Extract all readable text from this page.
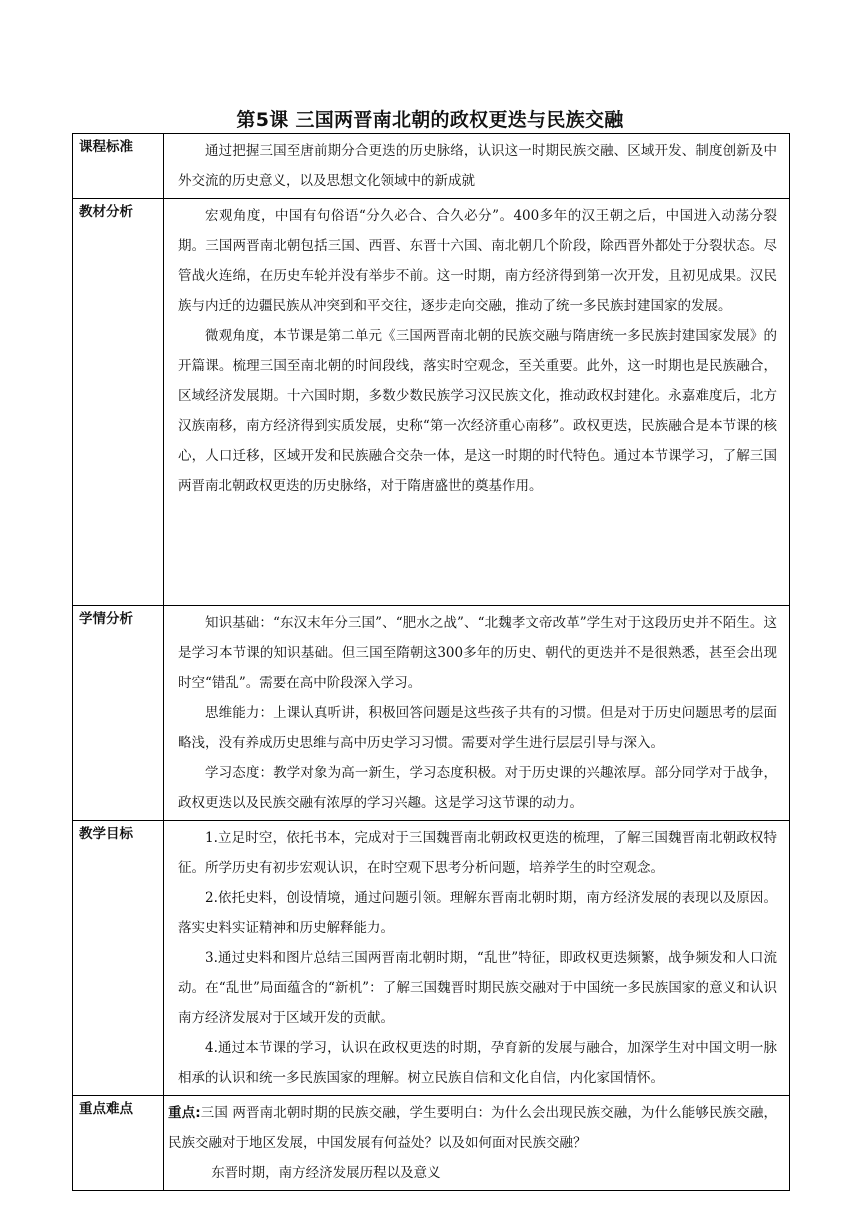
第5课 三国两晋南北朝的政权更迭与民族交融
课程标准	通过把握三国至唐前期分合更迭的历史脉络，认识这一时期民族交融、区域开发、制度创新及中外交流的历史意义，以及思想文化领域中的新成就

教材分析	宏观角度，中国有句俗语“分久必合、合久必分”。400多年的汉王朝之后，中国进入动荡分裂期。三国两晋南北朝包括三国、西晋、东晋十六国、南北朝几个阶段，除西晋外都处于分裂状态。尽管战火连绵，在历史车轮并没有举步不前。这一时期，南方经济得到第一次开发，且初见成果。汉民族与内迁的边疆民族从冲突到和平交往，逐步走向交融，推动了统一多民族封建国家的发展。

微观角度，本节课是第二单元《三国两晋南北朝的民族交融与隋唐统一多民族封建国家发展》的开篇课。梳理三国至南北朝的时间段线，落实时空观念，至关重要。此外，这一时期也是民族融合，区域经济发展期。十六国时期，多数少数民族学习汉民族文化，推动政权封建化。永嘉难度后，北方汉族南移，南方经济得到实质发展，史称“第一次经济重心南移”。政权更迭，民族融合是本节课的核心，人口迁移，区域开发和民族融合交杂一体，是这一时期的时代特色。通过本节课学习，了解三国两晋南北朝政权更迭的历史脉络，对于隋唐盛世的奠基作用。

学情分析	知识基础：“东汉末年分三国”、“肥水之战”、“北魏孝文帝改革”学生对于这段历史并不陌生。这是学习本节课的知识基础。但三国至隋朝这300多年的历史、朝代的更迭并不是很熟悉，甚至会出现时空“错乱”。需要在高中阶段深入学习。

思维能力：上课认真听讲，积极回答问题是这些孩子共有的习惯。但是对于历史问题思考的层面略浅，没有养成历史思维与高中历史学习习惯。需要对学生进行层层引导与深入。

学习态度：教学对象为高一新生，学习态度积极。对于历史课的兴趣浓厚。部分同学对于战争，政权更迭以及民族交融有浓厚的学习兴趣。这是学习这节课的动力。

教学目标	1.立足时空，依托书本，完成对于三国魏晋南北朝政权更迭的梳理，了解三国魏晋南北朝政权特征。所学历史有初步宏观认识，在时空观下思考分析问题，培养学生的时空观念。

2.依托史料，创设情境，通过问题引领。理解东晋南北朝时期，南方经济发展的表现以及原因。落实史料实证精神和历史解释能力。

3.通过史料和图片总结三国两晋南北朝时期，“乱世”特征，即政权更迭频繁，战争频发和人口流动。在“乱世”局面蕴含的“新机”：了解三国魏晋时期民族交融对于中国统一多民族国家的意义和认识南方经济发展对于区域开发的贡献。

4.通过本节课的学习，认识在政权更迭的时期，孕育新的发展与融合，加深学生对中国文明一脉相承的认识和统一多民族国家的理解。树立民族自信和文化自信，内化家国情怀。

重点难点	重点:三国 两晋南北朝时期的民族交融，学生要明白：为什么会出现民族交融，为什么能够民族交融，民族交融对于地区发展，中国发展有何益处？以及如何面对民族交融？

东晋时期，南方经济发展历程以及意义
